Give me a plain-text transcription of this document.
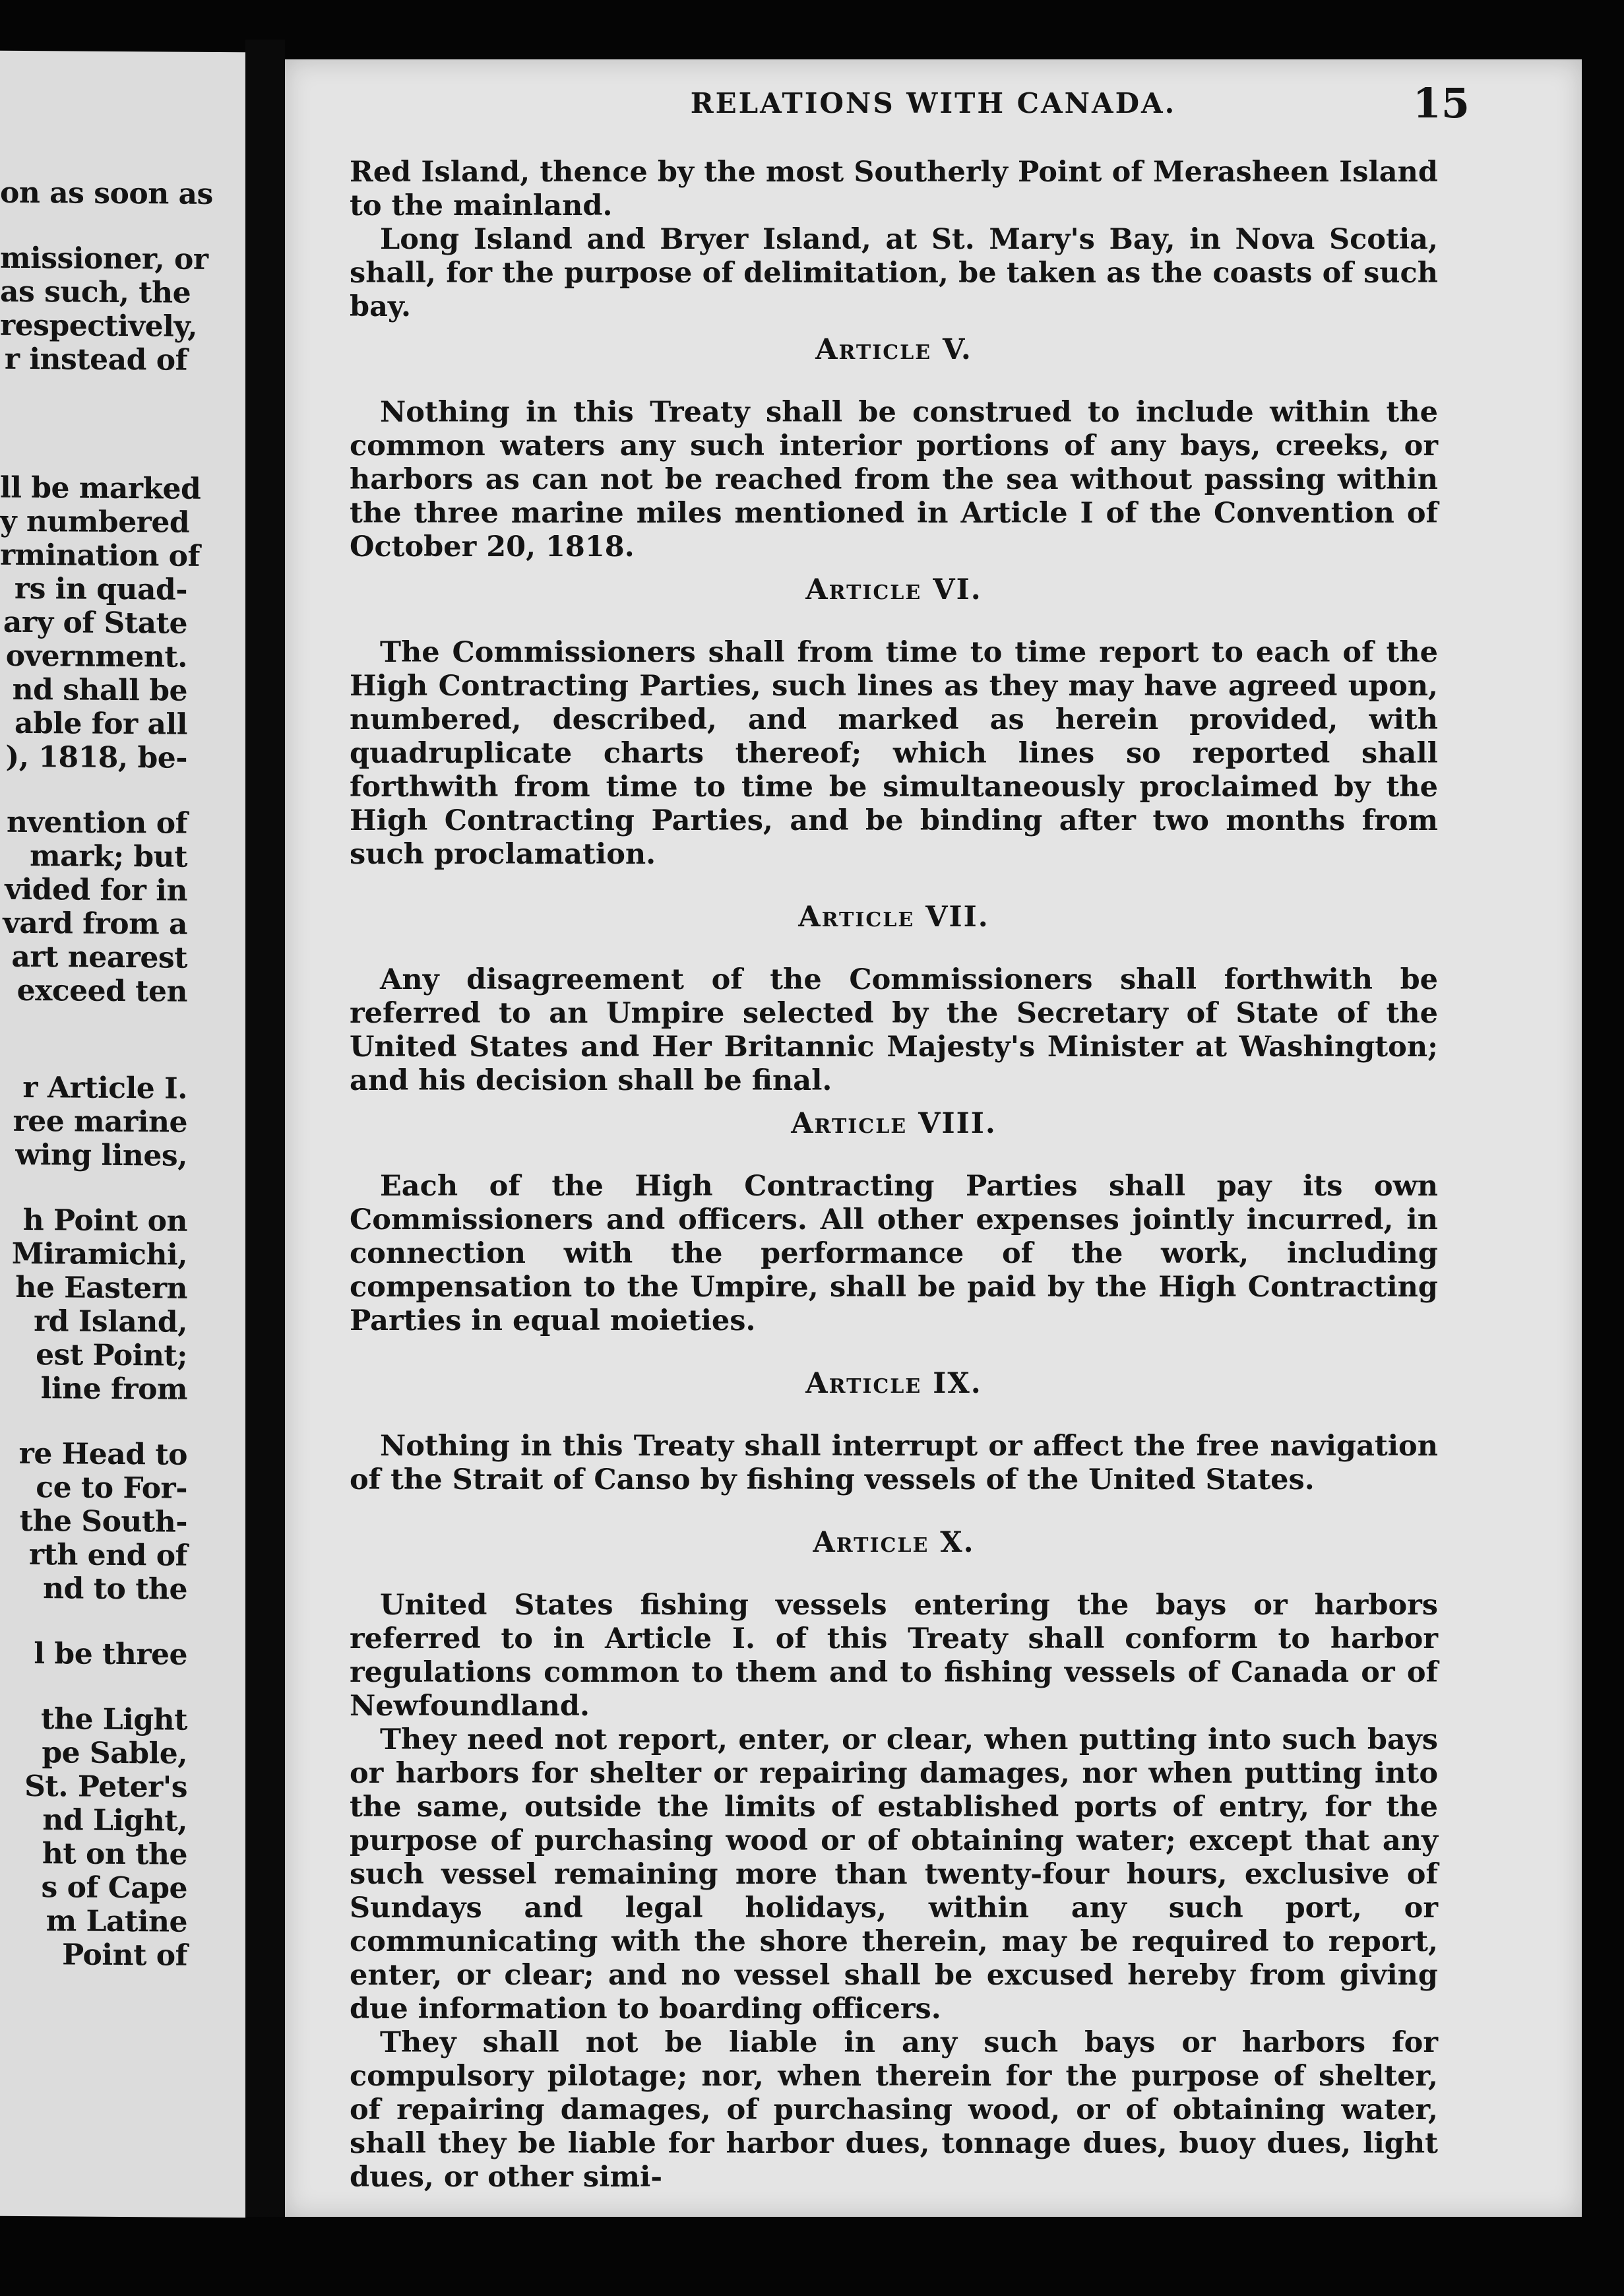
on as soon as
missioner, or
as such, the
respectively,
r instead of
ll be marked
y numbered
rmination of
rs in quad-
ary of State
overnment.
nd shall be
able for all
), 1818, be-
nvention of
mark; but
vided for in
vard from a
art nearest
exceed ten
r Article I.
ree marine
wing lines,
h Point on
Miramichi,
he Eastern
rd Island,
est Point;
line from
re Head to
ce to For-
the South-
rth end of
nd to the
l be three
the Light
pe Sable,
St. Peter's
nd Light,
ht on the
s of Cape
m Latine
Point of
RELATIONS WITH CANADA.	15

Red Island, thence by the most Southerly Point of Merasheen Island to the mainland.

Long Island and Bryer Island, at St. Mary's Bay, in Nova Scotia, shall, for the purpose of delimitation, be taken as the coasts of such bay.

Article V.

Nothing in this Treaty shall be construed to include within the common waters any such interior portions of any bays, creeks, or harbors as can not be reached from the sea without passing within the three marine miles mentioned in Article I of the Convention of October 20, 1818.

Article VI.

The Commissioners shall from time to time report to each of the High Contracting Parties, such lines as they may have agreed upon, numbered, described, and marked as herein provided, with quadruplicate charts thereof; which lines so reported shall forthwith from time to time be simultaneously proclaimed by the High Contracting Parties, and be binding after two months from such proclamation.

Article VII.

Any disagreement of the Commissioners shall forthwith be referred to an Umpire selected by the Secretary of State of the United States and Her Britannic Majesty's Minister at Washington; and his decision shall be final.

Article VIII.

Each of the High Contracting Parties shall pay its own Commissioners and officers. All other expenses jointly incurred, in connection with the performance of the work, including compensation to the Umpire, shall be paid by the High Contracting Parties in equal moieties.

Article IX.

Nothing in this Treaty shall interrupt or affect the free navigation of the Strait of Canso by fishing vessels of the United States.

Article X.

United States fishing vessels entering the bays or harbors referred to in Article I. of this Treaty shall conform to harbor regulations common to them and to fishing vessels of Canada or of Newfoundland.

They need not report, enter, or clear, when putting into such bays or harbors for shelter or repairing damages, nor when putting into the same, outside the limits of established ports of entry, for the purpose of purchasing wood or of obtaining water; except that any such vessel remaining more than twenty-four hours, exclusive of Sundays and legal holidays, within any such port, or communicating with the shore therein, may be required to report, enter, or clear; and no vessel shall be excused hereby from giving due information to boarding officers.

They shall not be liable in any such bays or harbors for compulsory pilotage; nor, when therein for the purpose of shelter, of repairing damages, of purchasing wood, or of obtaining water, shall they be liable for harbor dues, tonnage dues, buoy dues, light dues, or other simi-
